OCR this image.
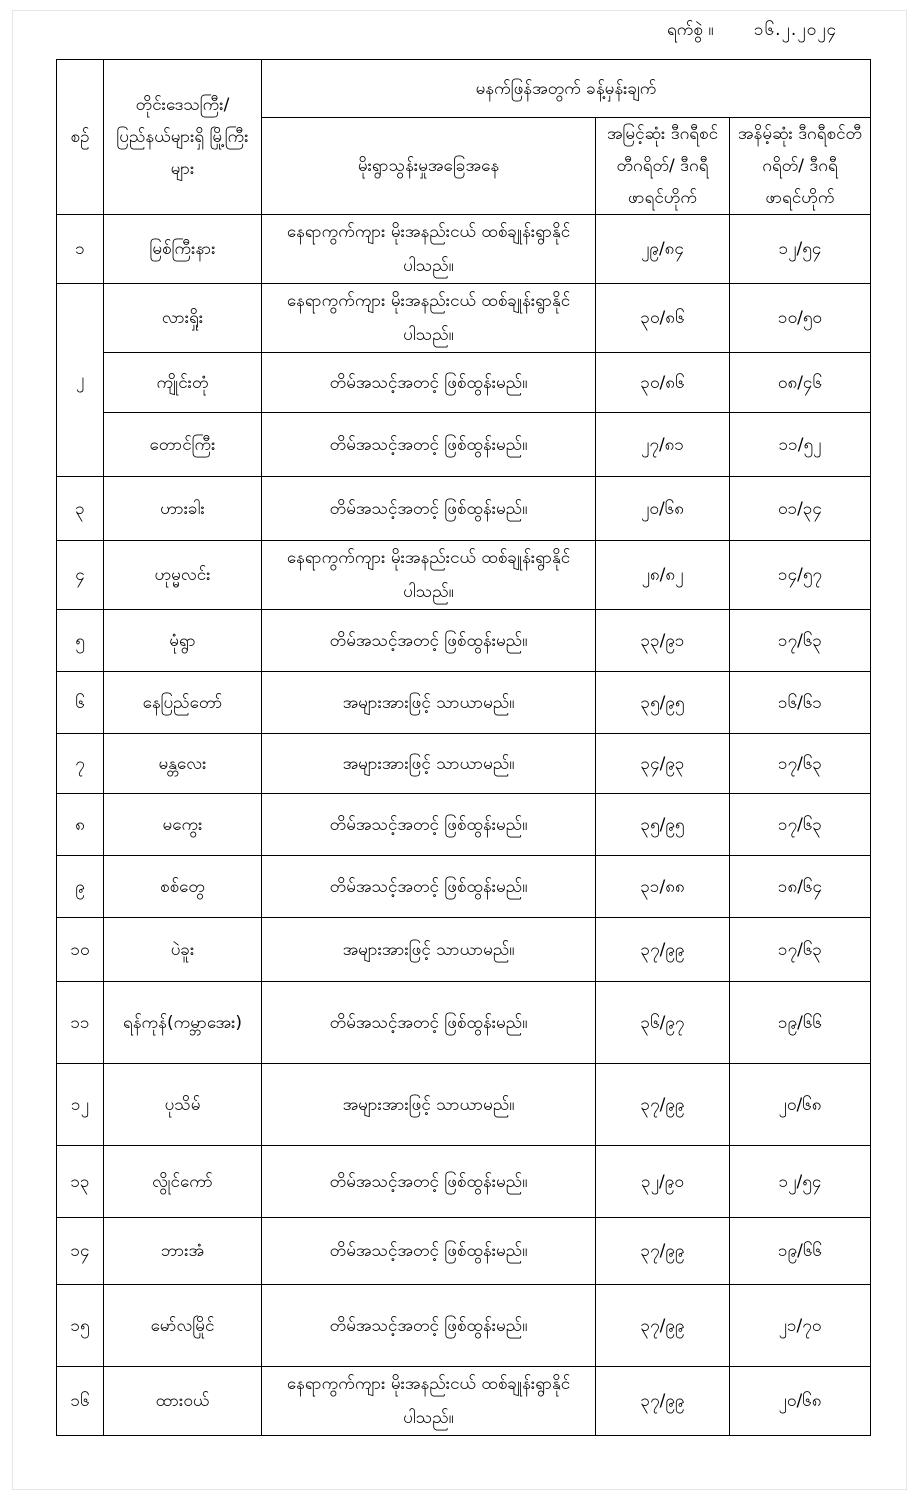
ရက်စွဲ ။ ၁၆.၂.၂၀၂၄
စဉ်	တိုင်းဒေသကြီး/ ပြည်နယ်များရှိ မြို့ကြီးများ	မနက်ဖြန်အတွက် ခန့်မှန်းချက်		
		မိုးရွာသွန်းမှုအခြေအနေ	အမြင့်ဆုံး ဒီဂရီစင်တီဂရိတ်/ ဒီဂရီဖာရင်ဟိုက်	အနိမ့်ဆုံး ဒီဂရီစင်တီဂရိတ်/ ဒီဂရီဖာရင်ဟိုက်
၁	မြစ်ကြီးနား	နေရာကွက်ကျား မိုးအနည်းငယ် ထစ်ချုန်းရွာနိုင်ပါသည်။	၂၉/၈၄	၁၂/၅၄
၂	လားရှိုး	နေရာကွက်ကျား မိုးအနည်းငယ် ထစ်ချုန်းရွာနိုင်ပါသည်။	၃၀/၈၆	၁၀/၅၀
	ကျိုင်းတုံ	တိမ်အသင့်အတင့် ဖြစ်ထွန်းမည်။	၃၀/၈၆	၀၈/၄၆
	တောင်ကြီး	တိမ်အသင့်အတင့် ဖြစ်ထွန်းမည်။	၂၇/၈၁	၁၁/၅၂
၃	ဟားခါး	တိမ်အသင့်အတင့် ဖြစ်ထွန်းမည်။	၂၀/၆၈	၀၁/၃၄
၄	ဟုမ္မလင်း	နေရာကွက်ကျား မိုးအနည်းငယ် ထစ်ချုန်းရွာနိုင်ပါသည်။	၂၈/၈၂	၁၄/၅၇
၅	မုံရွာ	တိမ်အသင့်အတင့် ဖြစ်ထွန်းမည်။	၃၃/၉၁	၁၇/၆၃
၆	နေပြည်တော်	အများအားဖြင့် သာယာမည်။	၃၅/၉၅	၁၆/၆၁
၇	မန္တလေး	အများအားဖြင့် သာယာမည်။	၃၄/၉၃	၁၇/၆၃
၈	မကွေး	တိမ်အသင့်အတင့် ဖြစ်ထွန်းမည်။	၃၅/၉၅	၁၇/၆၃
၉	စစ်တွေ	တိမ်အသင့်အတင့် ဖြစ်ထွန်းမည်။	၃၁/၈၈	၁၈/၆၄
၁၀	ပဲခူး	အများအားဖြင့် သာယာမည်။	၃၇/၉၉	၁၇/၆၃
၁၁	ရန်ကုန်(ကမ္ဘာအေး)	တိမ်အသင့်အတင့် ဖြစ်ထွန်းမည်။	၃၆/၉၇	၁၉/၆၆
၁၂	ပုသိမ်	အများအားဖြင့် သာယာမည်။	၃၇/၉၉	၂၀/၆၈
၁၃	လွိုင်ကော်	တိမ်အသင့်အတင့် ဖြစ်ထွန်းမည်။	၃၂/၉၀	၁၂/၅၄
၁၄	ဘားအံ	တိမ်အသင့်အတင့် ဖြစ်ထွန်းမည်။	၃၇/၉၉	၁၉/၆၆
၁၅	မော်လမြိုင်	တိမ်အသင့်အတင့် ဖြစ်ထွန်းမည်။	၃၇/၉၉	၂၁/၇၀
၁၆	ထားဝယ်	နေရာကွက်ကျား မိုးအနည်းငယ် ထစ်ချုန်းရွာနိုင်ပါသည်။	၃၇/၉၉	၂၀/၆၈
